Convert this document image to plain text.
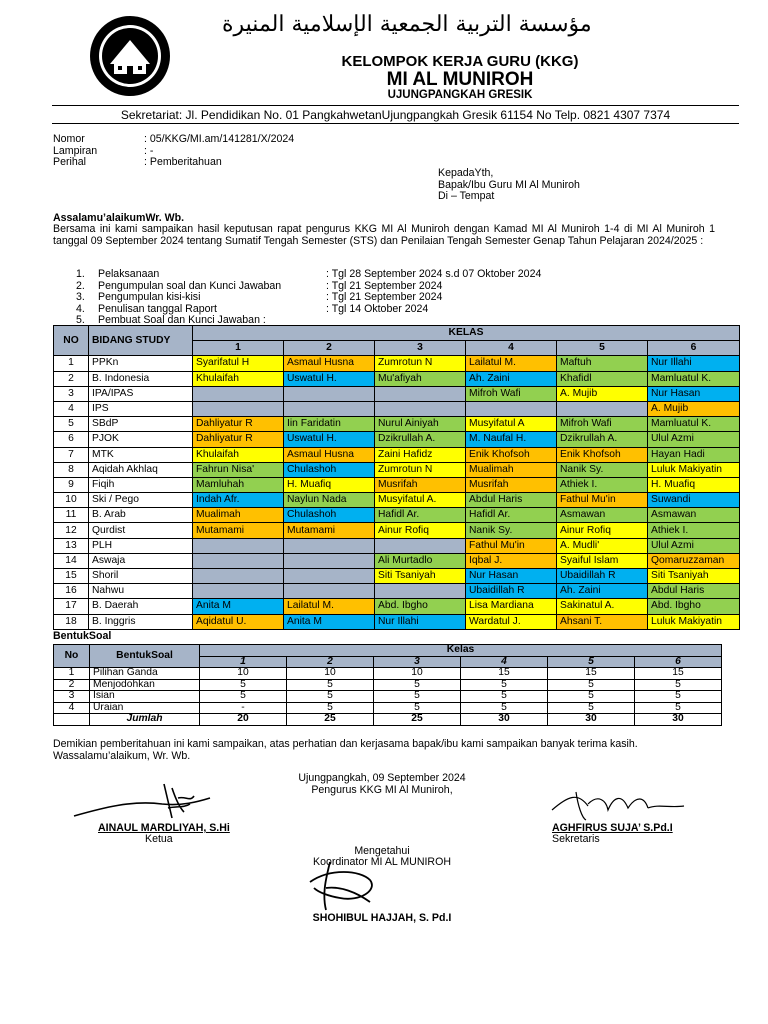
مؤسسة التربية الجمعية الإسلامية المنيرة
KELOMPOK KERJA GURU (KKG)
MI AL MUNIROH
UJUNGPANGKAH GRESIK
Sekretariat: Jl. Pendidikan No. 01 PangkahwetanUjungpangkah Gresik 61154 No Telp. 0821 4307 7374
Nomor	: 05/KKG/MI.am/141281/X/2024
Lampiran	: -
Perihal	: Pemberitahuan
KepadaYth,
Bapak/Ibu Guru MI Al Muniroh
Di – Tempat
Assalamu’alaikumWr. Wb.
Bersama ini kami sampaikan hasil keputusan rapat pengurus KKG MI Al Muniroh dengan Kamad MI Al Muniroh 1-4 di MI Al Muniroh 1 tanggal 09 September 2024 tentang Sumatif Tengah Semester (STS) dan Penilaian Tengah Semester Genap Tahun Pelajaran 2024/2025 :
1.	Pelaksanaan	: Tgl 28 September 2024 s.d 07 Oktober 2024
2.	Pengumpulan soal dan Kunci Jawaban	: Tgl 21 September 2024
3.	Pengumpulan kisi-kisi	: Tgl 21 September 2024
4.	Penulisan tanggal Raport	: Tgl 14 Oktober 2024
5.	Pembuat Soal dan Kunci Jawaban :
NO	BIDANG STUDY	KELAS					
		1	2	3	4	5	6
1	PPKn	Syarifatul H	Asmaul Husna	Zumrotun N	Lailatul M.	Maftuh	Nur Illahi
2	B. Indonesia	Khulaifah	Uswatul H.	Mu'afiyah	Ah. Zaini	Khafidl	Mamluatul K.
3	IPA/IPAS				Mifroh Wafi	A. Mujib	Nur Hasan
4	IPS						A. Mujib
5	SBdP	Dahliyatur R	Iin Faridatin	Nurul Ainiyah	Musyifatul A	Mifroh Wafi	Mamluatul K.
6	PJOK	Dahliyatur R	Uswatul H.	Dzikrullah A.	M. Naufal H.	Dzikrullah A.	Ulul Azmi
7	MTK	Khulaifah	Asmaul Husna	Zaini Hafidz	Enik Khofsoh	Enik Khofsoh	Hayan Hadi
8	Aqidah Akhlaq	Fahrun Nisa'	Chulashoh	Zumrotun N	Mualimah	Nanik Sy.	Luluk Makiyatin
9	Fiqih	Mamluhah	H. Muafiq	Musrifah	Musrifah	Athiek I.	H. Muafiq
10	Ski / Pego	Indah Afr.	Naylun Nada	Musyifatul A.	Abdul Haris	Fathul Mu'in	Suwandi
11	B. Arab	Mualimah	Chulashoh	Hafidl Ar.	Hafidl Ar.	Asmawan	Asmawan
12	Qurdist	Mutamami	Mutamami	Ainur Rofiq	Nanik Sy.	Ainur Rofiq	Athiek I.
13	PLH				Fathul Mu'in	A. Mudli'	Ulul Azmi
14	Aswaja			Ali Murtadlo	Iqbal J.	Syaiful Islam	Qomaruzzaman
15	Shoril			Siti Tsaniyah	Nur Hasan	Ubaidillah R	Siti Tsaniyah
16	Nahwu				Ubaidillah R	Ah. Zaini	Abdul Haris
17	B. Daerah	Anita M	Lailatul M.	Abd. Ibgho	Lisa Mardiana	Sakinatul A.	Abd. Ibgho
18	B. Inggris	Aqidatul U.	Anita M	Nur Illahi	Wardatul J.	Ahsani T.	Luluk Makiyatin
BentukSoal
No	BentukSoal	Kelas					
		1	2	3	4	5	6
1	Pilihan Ganda	10	10	10	15	15	15
2	Menjodohkan	5	5	5	5	5	5
3	Isian	5	5	5	5	5	5
4	Uraian	-	5	5	5	5	5
	Jumlah	20	25	25	30	30	30
Demikian pemberitahuan ini kami sampaikan, atas perhatian dan kerjasama bapak/ibu kami sampaikan banyak terima kasih.
Wassalamu’alaikum, Wr. Wb.
Ujungpangkah, 09 September 2024
Pengurus KKG MI Al Muniroh,
AINAUL MARDLIYAH, S.Hi
Ketua
AGHFIRUS SUJA’ S.Pd.I
Sekretaris
Mengetahui
Koordinator MI AL MUNIROH
SHOHIBUL HAJJAH, S. Pd.I
